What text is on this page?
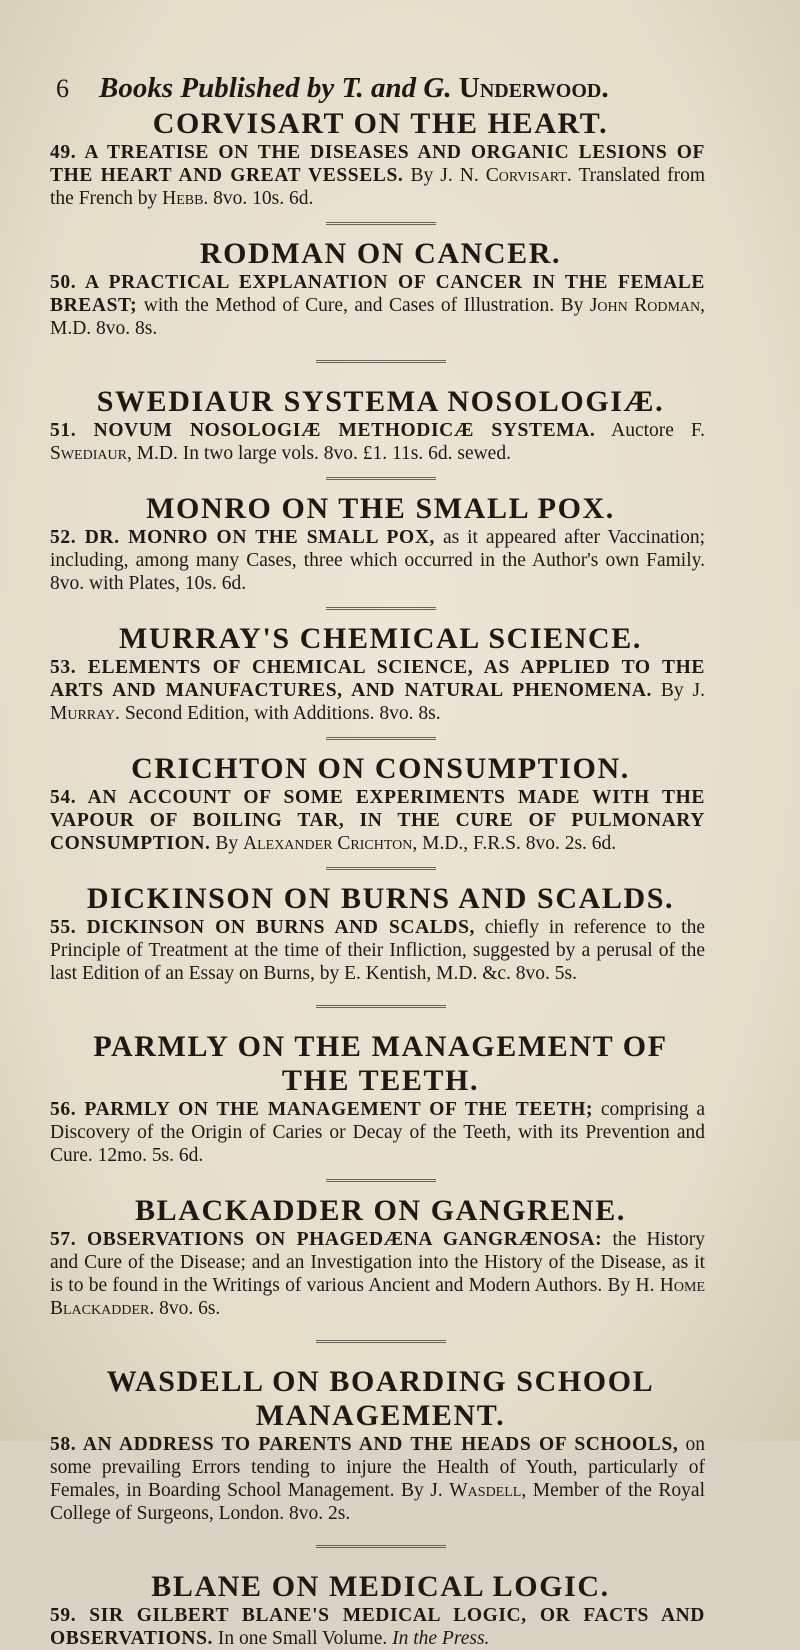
6 Books Published by T. and G. Underwood.
CORVISART ON THE HEART.

49. A TREATISE ON THE DISEASES AND ORGANIC LESIONS OF THE HEART AND GREAT VESSELS. By J. N. Corvisart. Translated from the French by Hebb. 8vo. 10s. 6d.

RODMAN ON CANCER.

50. A PRACTICAL EXPLANATION OF CANCER IN THE FEMALE BREAST; with the Method of Cure, and Cases of Illustration. By John Rodman, M.D. 8vo. 8s.

SWEDIAUR SYSTEMA NOSOLOGIÆ.

51. NOVUM NOSOLOGIÆ METHODICÆ SYSTEMA. Auctore F. Swediaur, M.D. In two large vols. 8vo. £1. 11s. 6d. sewed.

MONRO ON THE SMALL POX.

52. DR. MONRO ON THE SMALL POX, as it appeared after Vaccination; including, among many Cases, three which occurred in the Author's own Family. 8vo. with Plates, 10s. 6d.

MURRAY'S CHEMICAL SCIENCE.

53. ELEMENTS OF CHEMICAL SCIENCE, AS APPLIED TO THE ARTS AND MANUFACTURES, AND NATURAL PHENOMENA. By J. Murray. Second Edition, with Additions. 8vo. 8s.

CRICHTON ON CONSUMPTION.

54. AN ACCOUNT OF SOME EXPERIMENTS MADE WITH THE VAPOUR OF BOILING TAR, IN THE CURE OF PULMONARY CONSUMPTION. By Alexander Crichton, M.D., F.R.S. 8vo. 2s. 6d.

DICKINSON ON BURNS AND SCALDS.

55. DICKINSON ON BURNS AND SCALDS, chiefly in reference to the Principle of Treatment at the time of their Infliction, suggested by a perusal of the last Edition of an Essay on Burns, by E. Kentish, M.D. &c. 8vo. 5s.

PARMLY ON THE MANAGEMENT OF THE TEETH.

56. PARMLY ON THE MANAGEMENT OF THE TEETH; comprising a Discovery of the Origin of Caries or Decay of the Teeth, with its Prevention and Cure. 12mo. 5s. 6d.

BLACKADDER ON GANGRENE.

57. OBSERVATIONS ON PHAGEDÆNA GANGRÆNOSA: the History and Cure of the Disease; and an Investigation into the History of the Disease, as it is to be found in the Writings of various Ancient and Modern Authors. By H. Home Blackadder. 8vo. 6s.

WASDELL ON BOARDING SCHOOL MANAGEMENT.

58. AN ADDRESS TO PARENTS AND THE HEADS OF SCHOOLS, on some prevailing Errors tending to injure the Health of Youth, particularly of Females, in Boarding School Management. By J. Wasdell, Member of the Royal College of Surgeons, London. 8vo. 2s.

BLANE ON MEDICAL LOGIC.

59. SIR GILBERT BLANE'S MEDICAL LOGIC, OR FACTS AND OBSERVATIONS. In one Small Volume. In the Press.
